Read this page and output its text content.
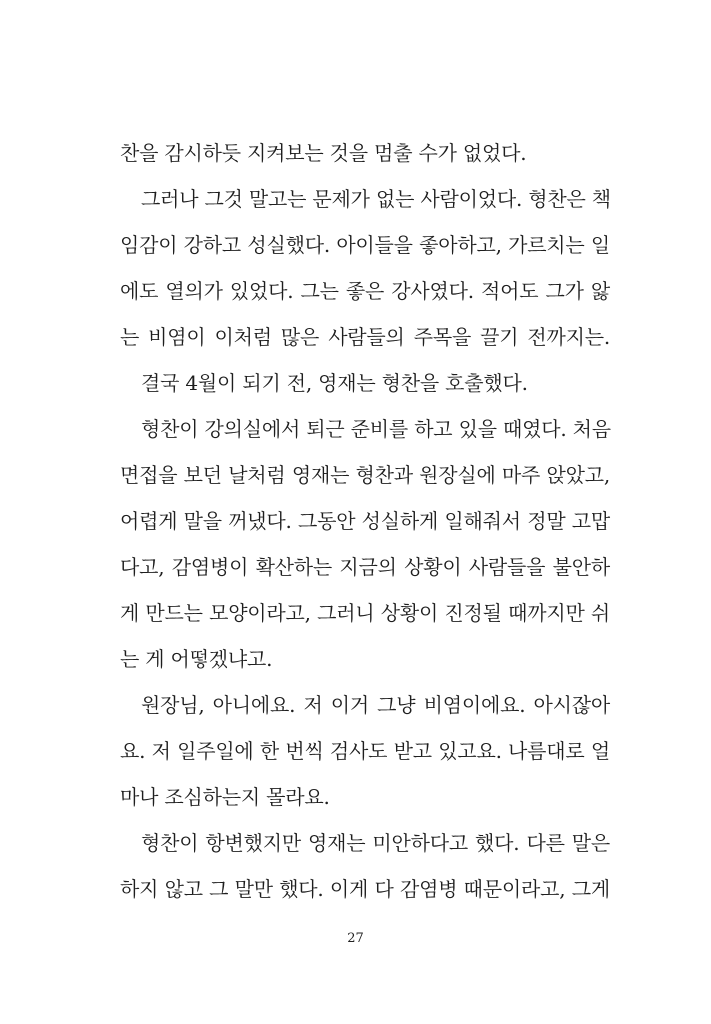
찬을 감시하듯 지켜보는 것을 멈출 수가 없었다.
그러나 그것 말고는 문제가 없는 사람이었다. 형찬은 책
임감이 강하고 성실했다. 아이들을 좋아하고, 가르치는 일
에도 열의가 있었다. 그는 좋은 강사였다. 적어도 그가 앓
는 비염이 이처럼 많은 사람들의 주목을 끌기 전까지는.
결국 4월이 되기 전, 영재는 형찬을 호출했다.
형찬이 강의실에서 퇴근 준비를 하고 있을 때였다. 처음
면접을 보던 날처럼 영재는 형찬과 원장실에 마주 앉았고,
어렵게 말을 꺼냈다. 그동안 성실하게 일해줘서 정말 고맙
다고, 감염병이 확산하는 지금의 상황이 사람들을 불안하
게 만드는 모양이라고, 그러니 상황이 진정될 때까지만 쉬
는 게 어떻겠냐고.
원장님, 아니에요. 저 이거 그냥 비염이에요. 아시잖아
요. 저 일주일에 한 번씩 검사도 받고 있고요. 나름대로 얼
마나 조심하는지 몰라요.
형찬이 항변했지만 영재는 미안하다고 했다. 다른 말은
하지 않고 그 말만 했다. 이게 다 감염병 때문이라고, 그게
27
